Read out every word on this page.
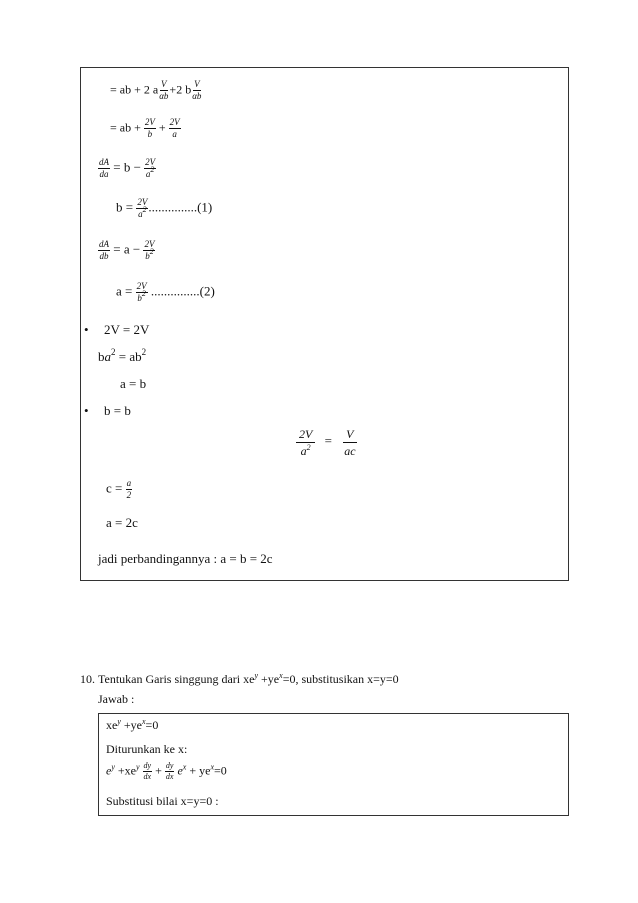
= ab + 2 a $\frac{V}{\alpha b} +2$ b $\frac{V}{\alpha b}$
= ab + $\frac{2V}{b} + \frac{2V}{a}$
$\frac{dA}{da} = b - \frac{2V}{a^2}$
$b = \frac{2V}{a^2} ...............(1)$
$\frac{dA}{db} = a - \frac{2V}{b^2}$
$a = \frac{2V}{b^2} ...............(2)$
• 2V = 2V
$ba^2 = ab^2$
a = b
• b = b
$\frac{2V}{a^2} = \frac{V}{ac}$
$c = \frac{a}{2}$
a = 2c
jadi perbandingannya : a = b = 2c
10. Tentukan Garis singgung dari $xe^y +ye^x=0$, substitusikan x=y=0
Jawab :
$xe^y +ye^x=0$
Diturunkan ke x:
$e^y +xe^y \frac{dy}{dx} + \frac{dy}{dx} e^x + ye^x=0$
Substitusi bilai x=y=0 :
